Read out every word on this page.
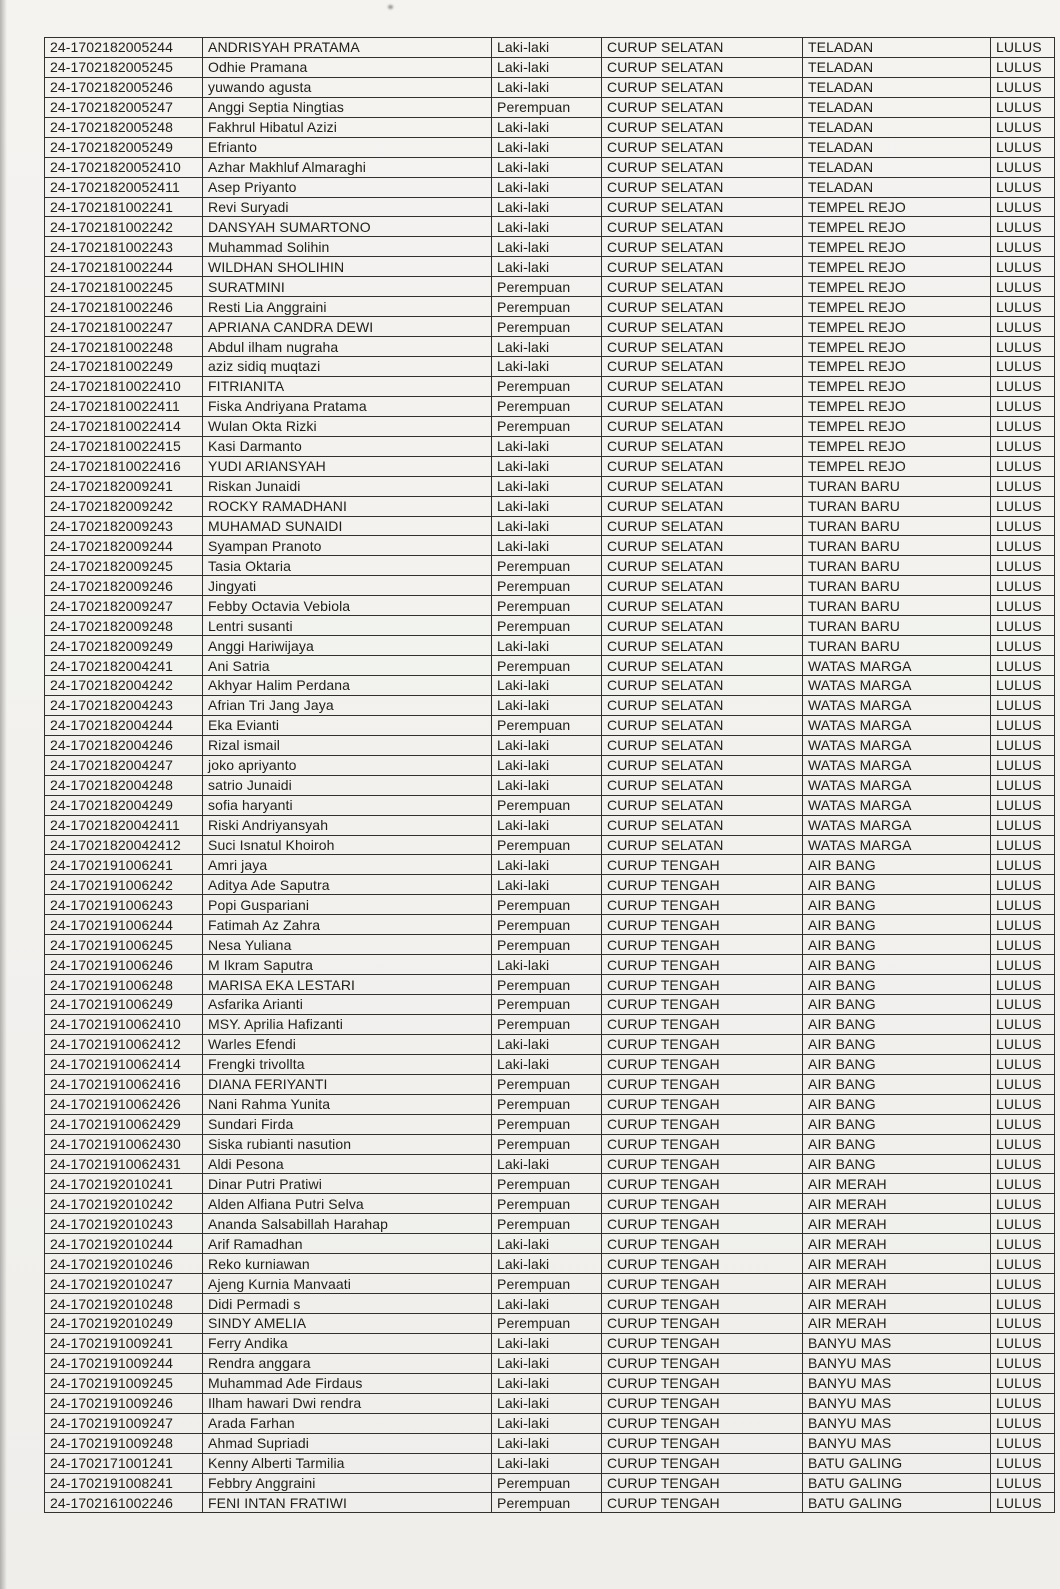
24-1702182005244	ANDRISYAH PRATAMA	Laki-laki	CURUP SELATAN	TELADAN	LULUS
24-1702182005245	Odhie Pramana	Laki-laki	CURUP SELATAN	TELADAN	LULUS
24-1702182005246	yuwando agusta	Laki-laki	CURUP SELATAN	TELADAN	LULUS
24-1702182005247	Anggi Septia Ningtias	Perempuan	CURUP SELATAN	TELADAN	LULUS
24-1702182005248	Fakhrul Hibatul Azizi	Laki-laki	CURUP SELATAN	TELADAN	LULUS
24-1702182005249	Efrianto	Laki-laki	CURUP SELATAN	TELADAN	LULUS
24-17021820052410	Azhar Makhluf Almaraghi	Laki-laki	CURUP SELATAN	TELADAN	LULUS
24-17021820052411	Asep Priyanto	Laki-laki	CURUP SELATAN	TELADAN	LULUS
24-1702181002241	Revi Suryadi	Laki-laki	CURUP SELATAN	TEMPEL REJO	LULUS
24-1702181002242	DANSYAH SUMARTONO	Laki-laki	CURUP SELATAN	TEMPEL REJO	LULUS
24-1702181002243	Muhammad Solihin	Laki-laki	CURUP SELATAN	TEMPEL REJO	LULUS
24-1702181002244	WILDHAN SHOLIHIN	Laki-laki	CURUP SELATAN	TEMPEL REJO	LULUS
24-1702181002245	SURATMINI	Perempuan	CURUP SELATAN	TEMPEL REJO	LULUS
24-1702181002246	Resti Lia Anggraini	Perempuan	CURUP SELATAN	TEMPEL REJO	LULUS
24-1702181002247	APRIANA CANDRA DEWI	Perempuan	CURUP SELATAN	TEMPEL REJO	LULUS
24-1702181002248	Abdul ilham nugraha	Laki-laki	CURUP SELATAN	TEMPEL REJO	LULUS
24-1702181002249	aziz sidiq muqtazi	Laki-laki	CURUP SELATAN	TEMPEL REJO	LULUS
24-17021810022410	FITRIANITA	Perempuan	CURUP SELATAN	TEMPEL REJO	LULUS
24-17021810022411	Fiska Andriyana Pratama	Perempuan	CURUP SELATAN	TEMPEL REJO	LULUS
24-17021810022414	Wulan Okta Rizki	Perempuan	CURUP SELATAN	TEMPEL REJO	LULUS
24-17021810022415	Kasi Darmanto	Laki-laki	CURUP SELATAN	TEMPEL REJO	LULUS
24-17021810022416	YUDI ARIANSYAH	Laki-laki	CURUP SELATAN	TEMPEL REJO	LULUS
24-1702182009241	Riskan Junaidi	Laki-laki	CURUP SELATAN	TURAN BARU	LULUS
24-1702182009242	ROCKY RAMADHANI	Laki-laki	CURUP SELATAN	TURAN BARU	LULUS
24-1702182009243	MUHAMAD SUNAIDI	Laki-laki	CURUP SELATAN	TURAN BARU	LULUS
24-1702182009244	Syampan Pranoto	Laki-laki	CURUP SELATAN	TURAN BARU	LULUS
24-1702182009245	Tasia Oktaria	Perempuan	CURUP SELATAN	TURAN BARU	LULUS
24-1702182009246	Jingyati	Perempuan	CURUP SELATAN	TURAN BARU	LULUS
24-1702182009247	Febby Octavia Vebiola	Perempuan	CURUP SELATAN	TURAN BARU	LULUS
24-1702182009248	Lentri susanti	Perempuan	CURUP SELATAN	TURAN BARU	LULUS
24-1702182009249	Anggi Hariwijaya	Laki-laki	CURUP SELATAN	TURAN BARU	LULUS
24-1702182004241	Ani Satria	Perempuan	CURUP SELATAN	WATAS MARGA	LULUS
24-1702182004242	Akhyar Halim Perdana	Laki-laki	CURUP SELATAN	WATAS MARGA	LULUS
24-1702182004243	Afrian Tri Jang Jaya	Laki-laki	CURUP SELATAN	WATAS MARGA	LULUS
24-1702182004244	Eka Evianti	Perempuan	CURUP SELATAN	WATAS MARGA	LULUS
24-1702182004246	Rizal ismail	Laki-laki	CURUP SELATAN	WATAS MARGA	LULUS
24-1702182004247	joko apriyanto	Laki-laki	CURUP SELATAN	WATAS MARGA	LULUS
24-1702182004248	satrio Junaidi	Laki-laki	CURUP SELATAN	WATAS MARGA	LULUS
24-1702182004249	sofia haryanti	Perempuan	CURUP SELATAN	WATAS MARGA	LULUS
24-17021820042411	Riski Andriyansyah	Laki-laki	CURUP SELATAN	WATAS MARGA	LULUS
24-17021820042412	Suci Isnatul Khoiroh	Perempuan	CURUP SELATAN	WATAS MARGA	LULUS
24-1702191006241	Amri jaya	Laki-laki	CURUP TENGAH	AIR BANG	LULUS
24-1702191006242	Aditya Ade Saputra	Laki-laki	CURUP TENGAH	AIR BANG	LULUS
24-1702191006243	Popi Guspariani	Perempuan	CURUP TENGAH	AIR BANG	LULUS
24-1702191006244	Fatimah Az Zahra	Perempuan	CURUP TENGAH	AIR BANG	LULUS
24-1702191006245	Nesa Yuliana	Perempuan	CURUP TENGAH	AIR BANG	LULUS
24-1702191006246	M Ikram Saputra	Laki-laki	CURUP TENGAH	AIR BANG	LULUS
24-1702191006248	MARISA EKA LESTARI	Perempuan	CURUP TENGAH	AIR BANG	LULUS
24-1702191006249	Asfarika Arianti	Perempuan	CURUP TENGAH	AIR BANG	LULUS
24-17021910062410	MSY. Aprilia Hafizanti	Perempuan	CURUP TENGAH	AIR BANG	LULUS
24-17021910062412	Warles Efendi	Laki-laki	CURUP TENGAH	AIR BANG	LULUS
24-17021910062414	Frengki trivollta	Laki-laki	CURUP TENGAH	AIR BANG	LULUS
24-17021910062416	DIANA FERIYANTI	Perempuan	CURUP TENGAH	AIR BANG	LULUS
24-17021910062426	Nani Rahma Yunita	Perempuan	CURUP TENGAH	AIR BANG	LULUS
24-17021910062429	Sundari Firda	Perempuan	CURUP TENGAH	AIR BANG	LULUS
24-17021910062430	Siska rubianti nasution	Perempuan	CURUP TENGAH	AIR BANG	LULUS
24-17021910062431	Aldi Pesona	Laki-laki	CURUP TENGAH	AIR BANG	LULUS
24-1702192010241	Dinar Putri Pratiwi	Perempuan	CURUP TENGAH	AIR MERAH	LULUS
24-1702192010242	Alden Alfiana Putri Selva	Perempuan	CURUP TENGAH	AIR MERAH	LULUS
24-1702192010243	Ananda Salsabillah Harahap	Perempuan	CURUP TENGAH	AIR MERAH	LULUS
24-1702192010244	Arif Ramadhan	Laki-laki	CURUP TENGAH	AIR MERAH	LULUS
24-1702192010246	Reko kurniawan	Laki-laki	CURUP TENGAH	AIR MERAH	LULUS
24-1702192010247	Ajeng Kurnia Manvaati	Perempuan	CURUP TENGAH	AIR MERAH	LULUS
24-1702192010248	Didi Permadi s	Laki-laki	CURUP TENGAH	AIR MERAH	LULUS
24-1702192010249	SINDY AMELIA	Perempuan	CURUP TENGAH	AIR MERAH	LULUS
24-1702191009241	Ferry Andika	Laki-laki	CURUP TENGAH	BANYU MAS	LULUS
24-1702191009244	Rendra anggara	Laki-laki	CURUP TENGAH	BANYU MAS	LULUS
24-1702191009245	Muhammad Ade Firdaus	Laki-laki	CURUP TENGAH	BANYU MAS	LULUS
24-1702191009246	Ilham hawari Dwi rendra	Laki-laki	CURUP TENGAH	BANYU MAS	LULUS
24-1702191009247	Arada Farhan	Laki-laki	CURUP TENGAH	BANYU MAS	LULUS
24-1702191009248	Ahmad Supriadi	Laki-laki	CURUP TENGAH	BANYU MAS	LULUS
24-1702171001241	Kenny Alberti Tarmilia	Laki-laki	CURUP TENGAH	BATU GALING	LULUS
24-1702191008241	Febbry Anggraini	Perempuan	CURUP TENGAH	BATU GALING	LULUS
24-1702161002246	FENI INTAN FRATIWI	Perempuan	CURUP TENGAH	BATU GALING	LULUS
